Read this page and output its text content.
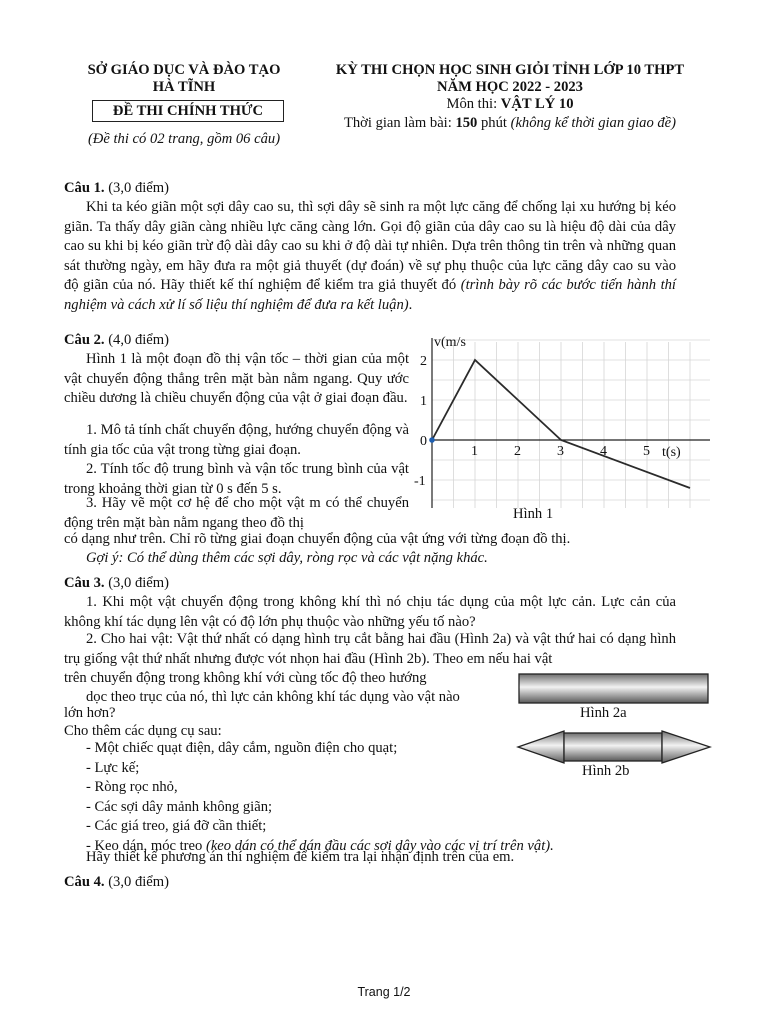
SỞ GIÁO DỤC VÀ ĐÀO TẠO
HÀ TĨNH
ĐỀ THI CHÍNH THỨC
(Đề thi có 02 trang, gồm 06 câu)
KỲ THI CHỌN HỌC SINH GIỎI TỈNH LỚP 10 THPT
NĂM HỌC 2022 - 2023
Môn thi: VẬT LÝ 10
Thời gian làm bài: 150 phút (không kể thời gian giao đề)
Câu 1. (3,0 điểm)

Khi ta kéo giãn một sợi dây cao su, thì sợi dây sẽ sinh ra một lực căng để chống lại xu hướng bị kéo giãn. Ta thấy dây giãn càng nhiều lực căng càng lớn. Gọi độ giãn của dây cao su là hiệu độ dài của dây cao su khi bị kéo giãn trừ độ dài dây cao su khi ở độ dài tự nhiên. Dựa trên thông tin trên và những quan sát thường ngày, em hãy đưa ra một giả thuyết (dự đoán) về sự phụ thuộc của lực căng dây cao su vào độ giãn của nó. Hãy thiết kế thí nghiệm để kiểm tra giả thuyết đó (trình bày rõ các bước tiến hành thí nghiệm và cách xử lí số liệu thí nghiệm để đưa ra kết luận).

Câu 2. (4,0 điểm)

Hình 1 là một đoạn đồ thị vận tốc – thời gian của một vật chuyển động thẳng trên mặt bàn nằm ngang. Quy ước chiều dương là chiều chuyển động của vật ở giai đoạn đầu.

1. Mô tả tính chất chuyển động, hướng chuyển động và tính gia tốc của vật trong từng giai đoạn.

2. Tính tốc độ trung bình và vận tốc trung bình của vật trong khoảng thời gian từ 0 s đến 5 s.

3. Hãy vẽ một cơ hệ để cho một vật m có thể chuyển động trên mặt bàn nằm ngang theo đồ thị

có dạng như trên. Chỉ rõ từng giai đoạn chuyển động của vật ứng với từng đoạn đồ thị.
Gợi ý: Có thể dùng thêm các sợi dây, ròng rọc và các vật nặng khác.
1	2	3	4	5
2
1
0
-1
t(s)
v(m/s
Hình 1
Câu 3. (3,0 điểm)

1. Khi một vật chuyển động trong không khí thì nó chịu tác dụng của một lực cản. Lực cản của không khí tác dụng lên vật có độ lớn phụ thuộc vào những yếu tố nào?

2. Cho hai vật: Vật thứ nhất có dạng hình trụ cắt bằng hai đầu (Hình 2a) và vật thứ hai có dạng hình trụ giống vật thứ nhất nhưng được vót nhọn hai đầu (Hình 2b). Theo em nếu hai vật

trên chuyển động trong không khí với cùng tốc độ theo hướng
dọc theo trục của nó, thì lực cản không khí tác dụng vào vật nào
lớn hơn?
Cho thêm các dụng cụ sau:
- Một chiếc quạt điện, dây cắm, nguồn điện cho quạt;
- Lực kế;
- Ròng rọc nhỏ,
- Các sợi dây mảnh không giãn;
- Các giá treo, giá đỡ cần thiết;
- Keo dán, móc treo (keo dán có thể dán đầu các sợi dây vào các vị trí trên vật).
Hãy thiết kế phương án thí nghiệm để kiểm tra lại nhận định trên của em.
Hình 2a
Hình 2b
Câu 4. (3,0 điểm)
Trang 1/2
